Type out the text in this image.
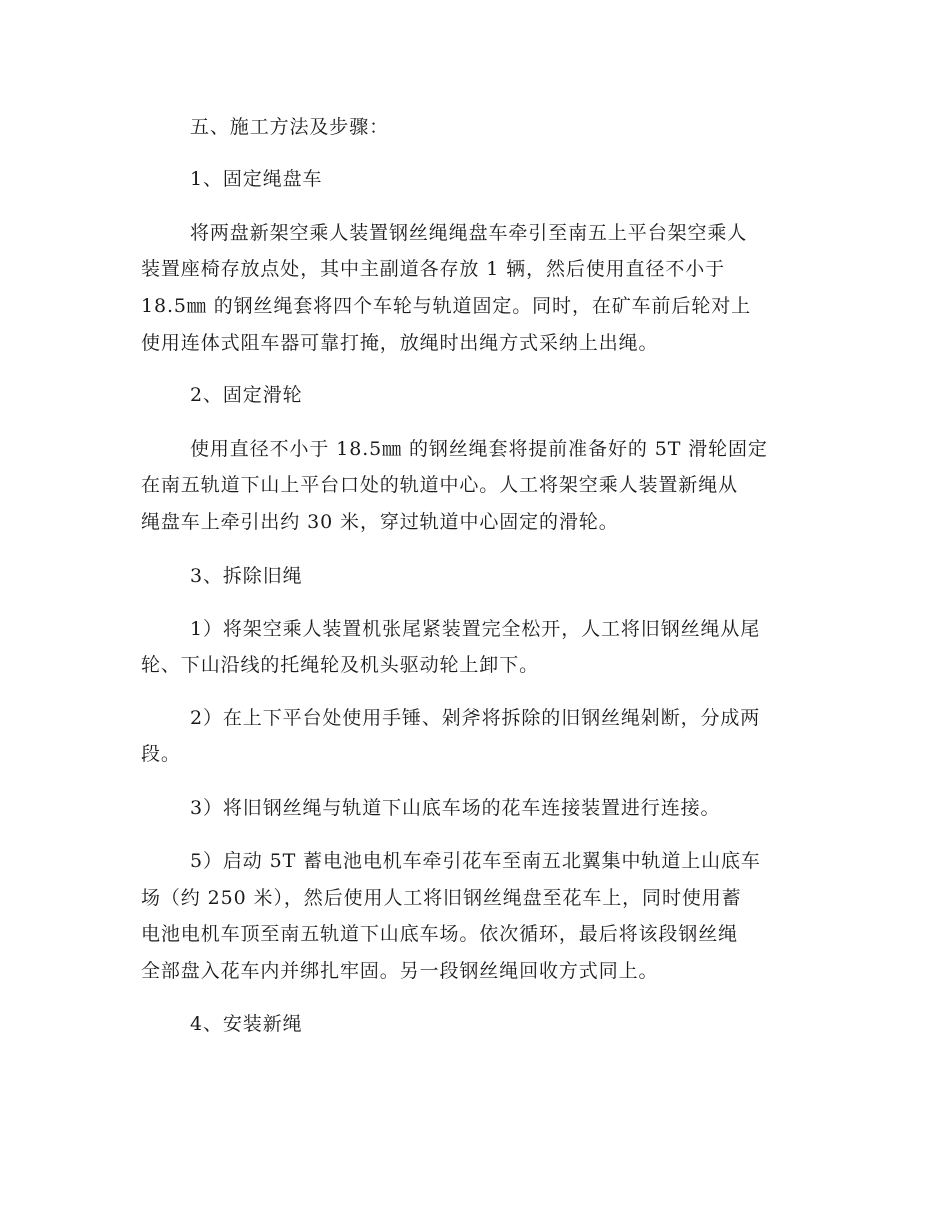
五、施工方法及步骤：
1、固定绳盘车
将两盘新架空乘人装置钢丝绳绳盘车牵引至南五上平台架空乘人
装置座椅存放点处，其中主副道各存放 1 辆，然后使用直径不小于
18.5㎜ 的钢丝绳套将四个车轮与轨道固定。同时，在矿车前后轮对上
使用连体式阻车器可靠打掩，放绳时出绳方式采纳上出绳。
2、固定滑轮
使用直径不小于 18.5㎜ 的钢丝绳套将提前准备好的 5T 滑轮固定
在南五轨道下山上平台口处的轨道中心。人工将架空乘人装置新绳从
绳盘车上牵引出约 30 米，穿过轨道中心固定的滑轮。
3、拆除旧绳
1）将架空乘人装置机张尾紧装置完全松开，人工将旧钢丝绳从尾
轮、下山沿线的托绳轮及机头驱动轮上卸下。
2）在上下平台处使用手锤、剁斧将拆除的旧钢丝绳剁断，分成两
段。
3）将旧钢丝绳与轨道下山底车场的花车连接装置进行连接。
5）启动 5T 蓄电池电机车牵引花车至南五北翼集中轨道上山底车
场（约 250 米），然后使用人工将旧钢丝绳盘至花车上，同时使用蓄
电池电机车顶至南五轨道下山底车场。依次循环，最后将该段钢丝绳
全部盘入花车内并绑扎牢固。另一段钢丝绳回收方式同上。
4、安装新绳
